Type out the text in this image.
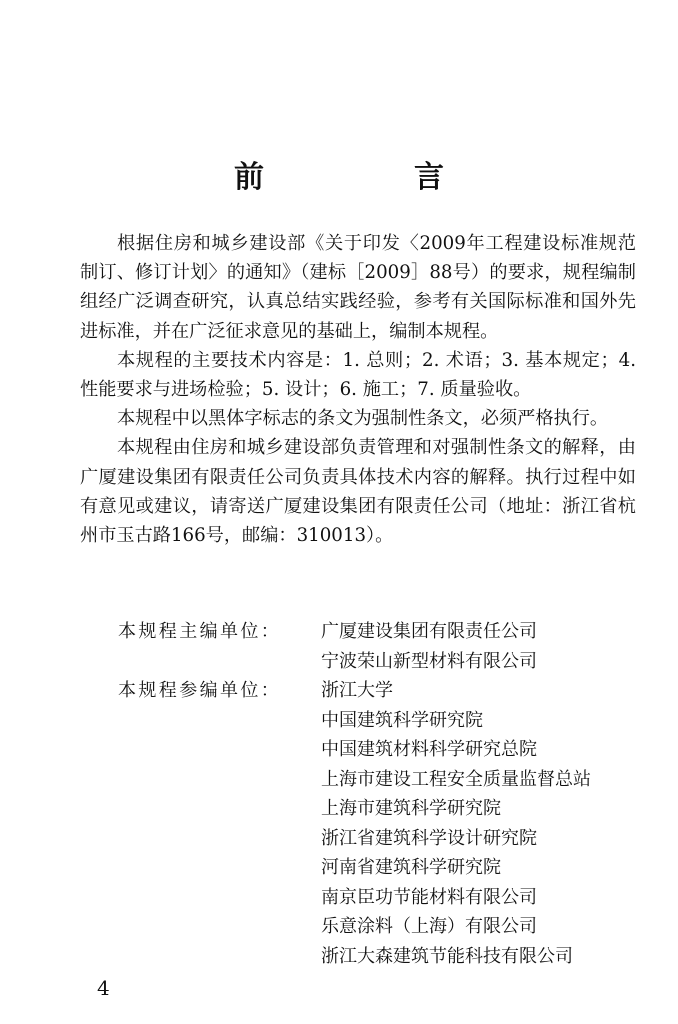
前　言

根据住房和城乡建设部《关于印发〈2009年工程建设标准规范制订、修订计划〉的通知》（建标［2009］88号）的要求，规程编制组经广泛调查研究，认真总结实践经验，参考有关国际标准和国外先进标准，并在广泛征求意见的基础上，编制本规程。

本规程的主要技术内容是：1. 总则；2. 术语；3. 基本规定；4. 性能要求与进场检验；5. 设计；6. 施工；7. 质量验收。

本规程中以黑体字标志的条文为强制性条文，必须严格执行。

本规程由住房和城乡建设部负责管理和对强制性条文的解释，由广厦建设集团有限责任公司负责具体技术内容的解释。执行过程中如有意见或建议，请寄送广厦建设集团有限责任公司（地址：浙江省杭州市玉古路166号，邮编：310013）。

本规程主编单位：	广厦建设集团有限责任公司
宁波荣山新型材料有限公司
本规程参编单位：	浙江大学
中国建筑科学研究院
中国建筑材料科学研究总院
上海市建设工程安全质量监督总站
上海市建筑科学研究院
浙江省建筑科学设计研究院
河南省建筑科学研究院
南京臣功节能材料有限公司
乐意涂料（上海）有限公司
浙江大森建筑节能科技有限公司
4
